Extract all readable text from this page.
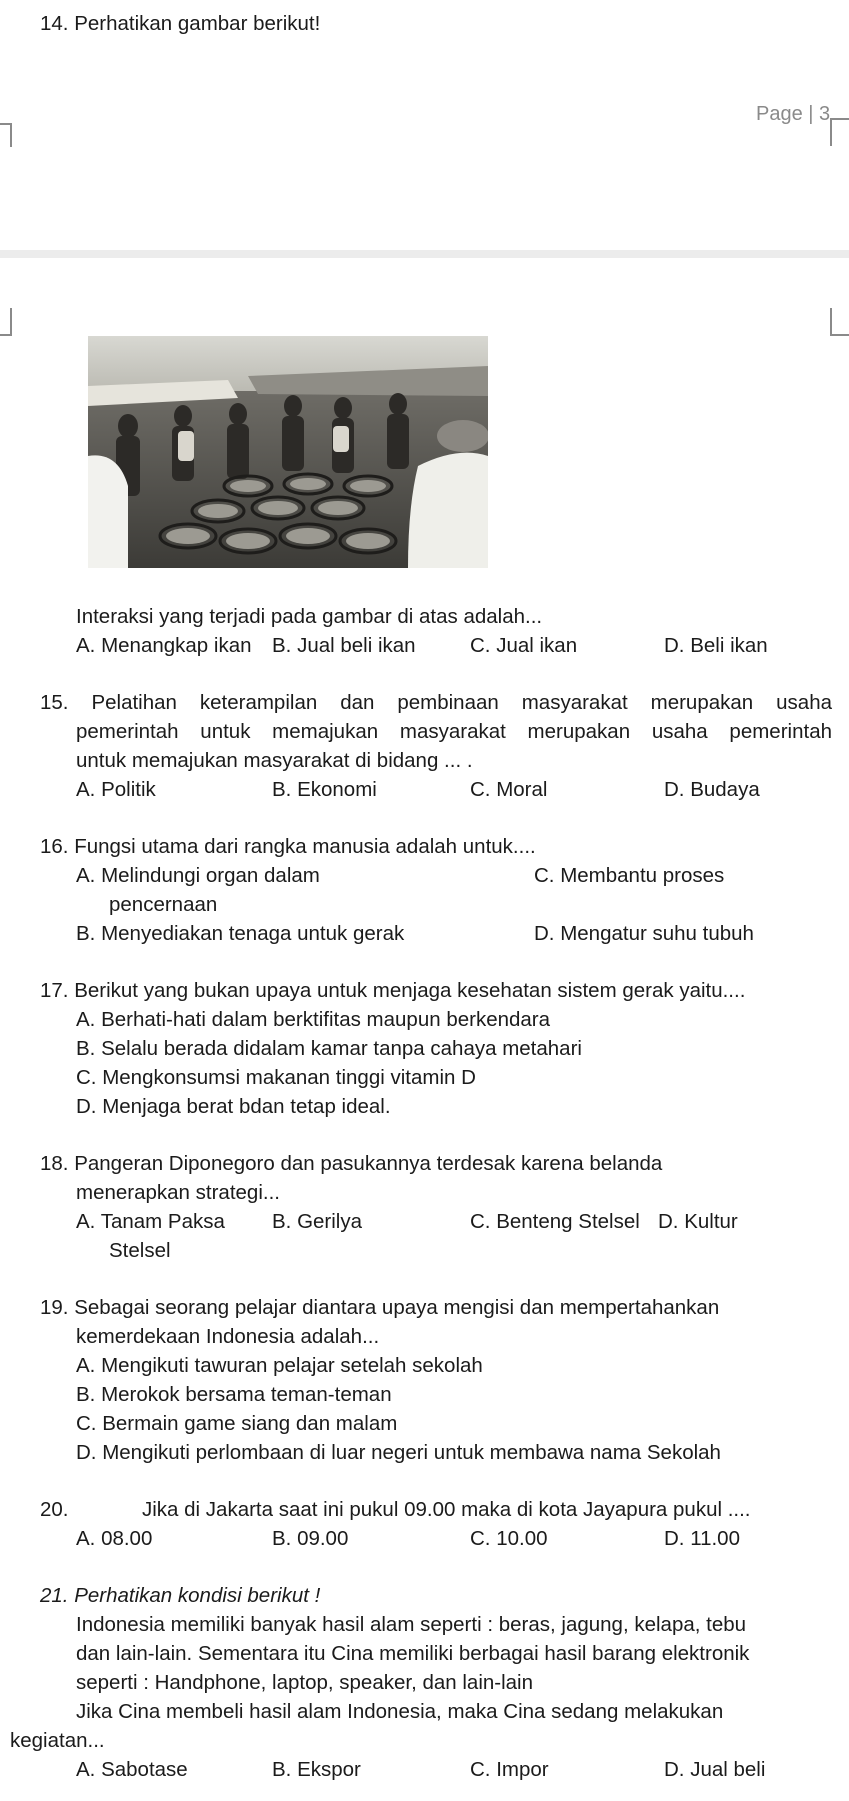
14. Perhatikan gambar berikut!
Page | 3
Interaksi yang terjadi pada gambar di atas adalah...
A. Menangkap ikan B. Jual beli ikan	C. Jual ikan	D. Beli ikan
15. Pelatihan keterampilan dan pembinaan masyarakat merupakan usaha
pemerintah untuk memajukan masyarakat merupakan usaha pemerintah
untuk memajukan masyarakat di bidang ... .
A. Politik	B. Ekonomi	C. Moral	D. Budaya
16. Fungsi utama dari rangka manusia adalah untuk....
A. Melindungi organ dalam	C. Membantu proses
pencernaan
B. Menyediakan tenaga untuk gerak	D. Mengatur suhu tubuh
17. Berikut yang bukan upaya untuk menjaga kesehatan sistem gerak yaitu....
A. Berhati-hati dalam berktifitas maupun berkendara
B. Selalu berada didalam kamar tanpa cahaya metahari
C. Mengkonsumsi makanan tinggi vitamin D
D. Menjaga berat bdan tetap ideal.
18. Pangeran Diponegoro dan pasukannya terdesak karena belanda
menerapkan strategi...
A. Tanam Paksa B. Gerilya	C. Benteng Stelsel D. Kultur
Stelsel
19. Sebagai seorang pelajar diantara upaya mengisi dan mempertahankan
kemerdekaan Indonesia adalah...
A. Mengikuti tawuran pelajar setelah sekolah
B. Merokok bersama teman-teman
C. Bermain game siang dan malam
D. Mengikuti perlombaan di luar negeri untuk membawa nama Sekolah
20.	Jika di Jakarta saat ini pukul 09.00 maka di kota Jayapura pukul ....
A. 08.00	B. 09.00	C. 10.00	D. 11.00
21. Perhatikan kondisi berikut !
Indonesia memiliki banyak hasil alam seperti : beras, jagung, kelapa, tebu
dan lain-lain. Sementara itu Cina memiliki berbagai hasil barang elektronik
seperti : Handphone, laptop, speaker, dan lain-lain
Jika Cina membeli hasil alam Indonesia, maka Cina sedang melakukan
kegiatan...
A. Sabotase	B. Ekspor	C. Impor	D. Jual beli
